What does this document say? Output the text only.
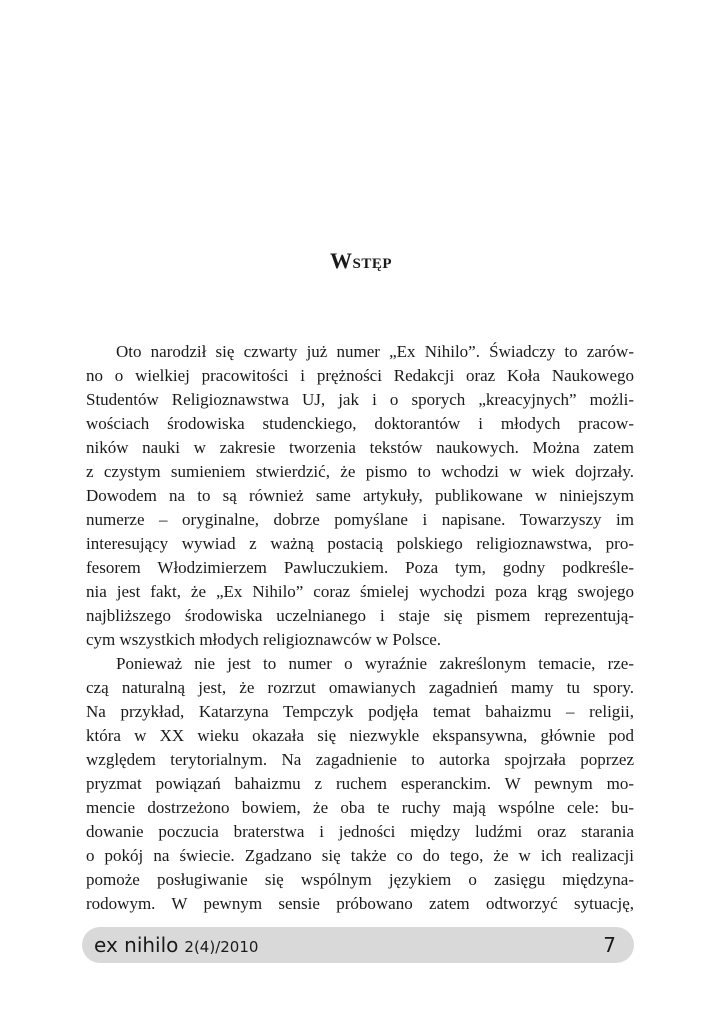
Wstęp
Oto narodził się czwarty już numer „Ex Nihilo”. Świadczy to zarów-
no o wielkiej pracowitości i prężności Redakcji oraz Koła Naukowego
Studentów Religioznawstwa UJ, jak i o sporych „kreacyjnych” możli-
wościach środowiska studenckiego, doktorantów i młodych pracow-
ników nauki w zakresie tworzenia tekstów naukowych. Można zatem
z czystym sumieniem stwierdzić, że pismo to wchodzi w wiek dojrzały.
Dowodem na to są również same artykuły, publikowane w niniejszym
numerze – oryginalne, dobrze pomyślane i napisane. Towarzyszy im
interesujący wywiad z ważną postacią polskiego religioznawstwa, pro-
fesorem Włodzimierzem Pawluczukiem. Poza tym, godny podkreśle-
nia jest fakt, że „Ex Nihilo” coraz śmielej wychodzi poza krąg swojego
najbliższego środowiska uczelnianego i staje się pismem reprezentują-
cym wszystkich młodych religioznawców w Polsce.
Ponieważ nie jest to numer o wyraźnie zakreślonym temacie, rze-
czą naturalną jest, że rozrzut omawianych zagadnień mamy tu spory.
Na przykład, Katarzyna Tempczyk podjęła temat bahaizmu – religii,
która w XX wieku okazała się niezwykle ekspansywna, głównie pod
względem terytorialnym. Na zagadnienie to autorka spojrzała poprzez
pryzmat powiązań bahaizmu z ruchem esperanckim. W pewnym mo-
mencie dostrzeżono bowiem, że oba te ruchy mają wspólne cele: bu-
dowanie poczucia braterstwa i jedności między ludźmi oraz starania
o pokój na świecie. Zgadzano się także co do tego, że w ich realizacji
pomoże posługiwanie się wspólnym językiem o zasięgu międzyna-
rodowym. W pewnym sensie próbowano zatem odtworzyć sytuację,
ex nihilo 2(4)/2010	7
